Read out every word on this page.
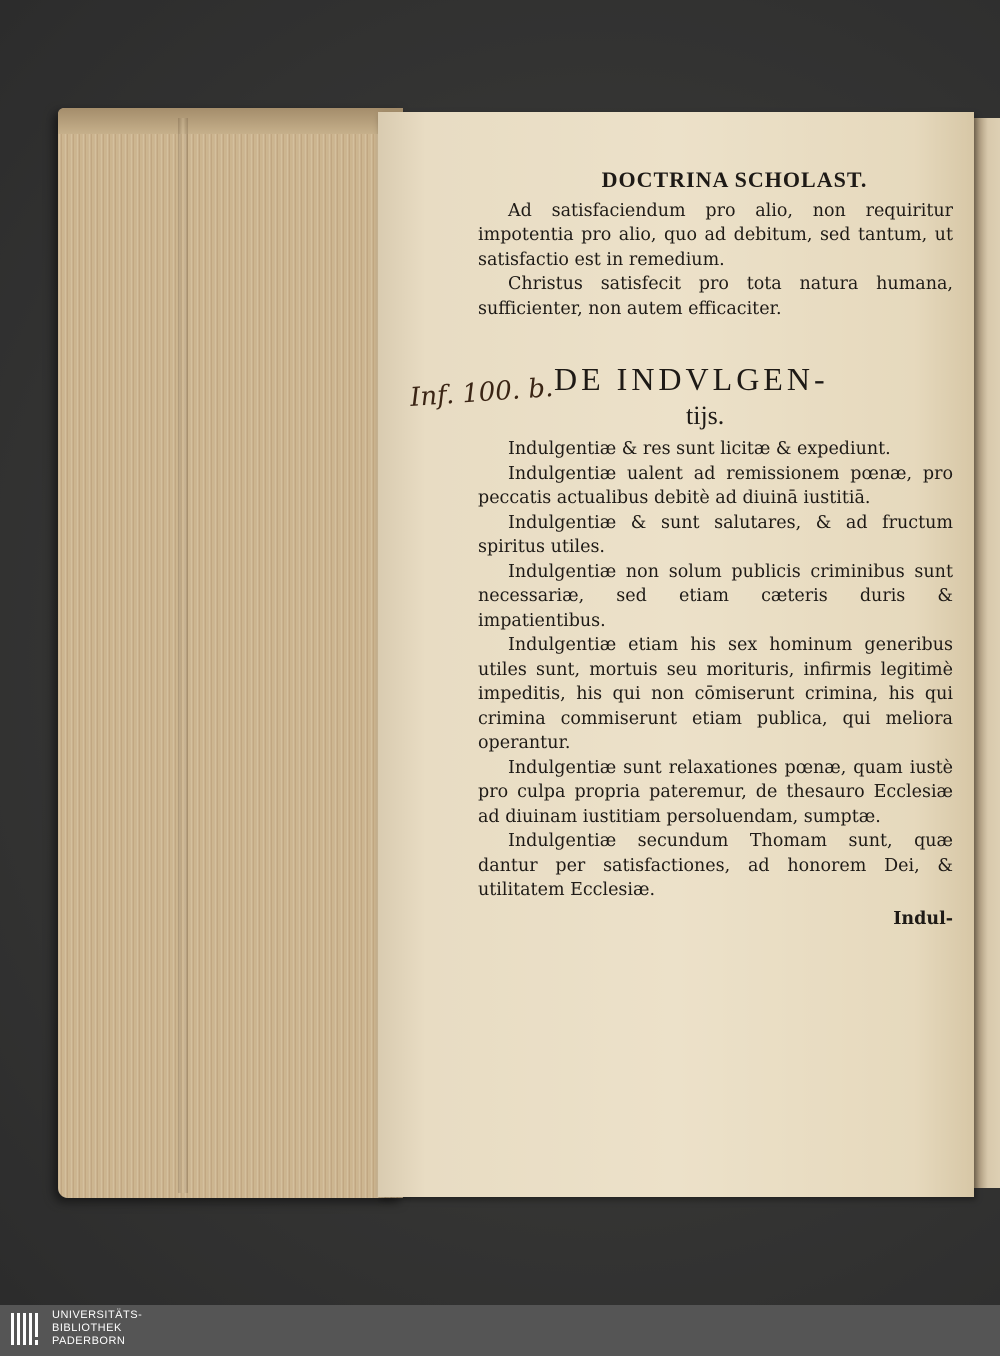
Inf. 100. b.
DOCTRINA SCHOLAST.

Ad satisfaciendum pro alio, non requiritur impotentia pro alio, quo ad debitum, sed tantum, ut satisfactio est in remedium.

Christus satisfecit pro tota natura humana, sufficienter, non autem efficaciter.

DE INDVLGEN-
tijs.

Indulgentiæ & res sunt licitæ & expediunt.

Indulgentiæ ualent ad remissionem pœnæ, pro peccatis actualibus debitè ad diuinā iustitiā.

Indulgentiæ & sunt salutares, & ad fructum spiritus utiles.

Indulgentiæ non solum publicis criminibus sunt necessariæ, sed etiam cæteris duris & impatientibus.

Indulgentiæ etiam his sex hominum generibus utiles sunt, mortuis seu morituris, infirmis legitimè impeditis, his qui non cōmiserunt crimina, his qui crimina commiserunt etiam publica, qui meliora operantur.

Indulgentiæ sunt relaxationes pœnæ, quam iustè pro culpa propria pateremur, de thesauro Ecclesiæ ad diuinam iustitiam persoluendam, sumptæ.

Indulgentiæ secundum Thomam sunt, quæ dantur per satisfactiones, ad honorem Dei, & utilitatem Ecclesiæ.

Indul-
UNIVERSITÄTS-
BIBLIOTHEK
PADERBORN
